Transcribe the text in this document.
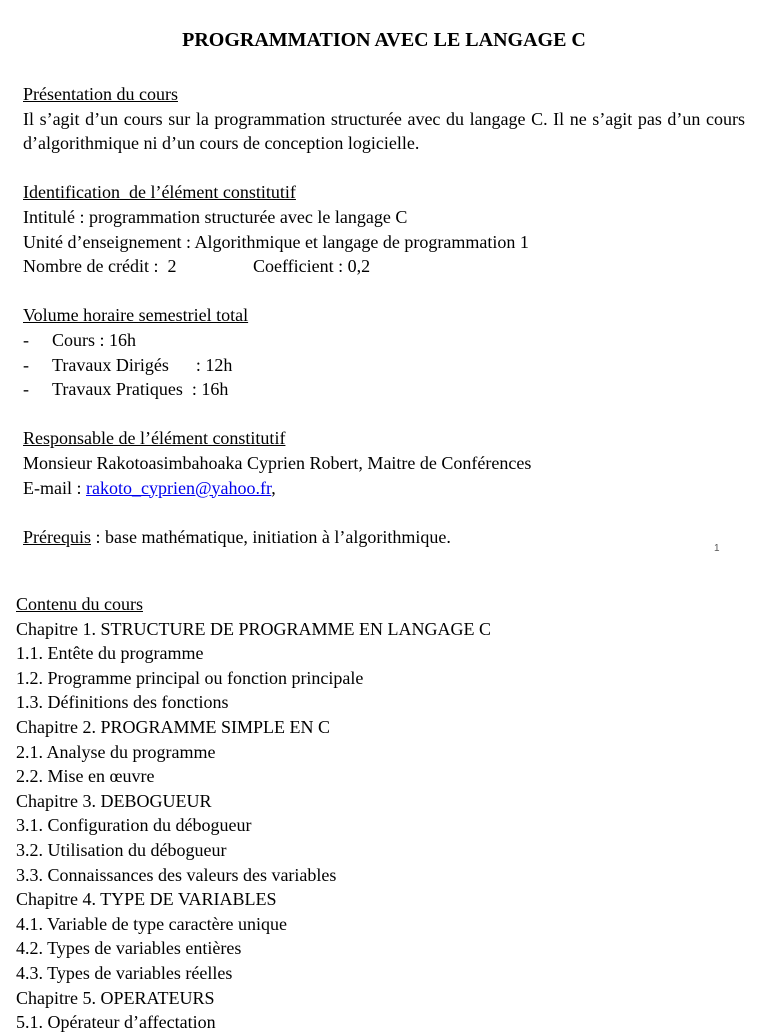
PROGRAMMATION AVEC LE LANGAGE C

Présentation du cours

Il s’agit d’un cours sur la programmation structurée avec du langage C. Il ne s’agit pas d’un cours d’algorithmique ni d’un cours de conception logicielle.

Identification  de l’élément constitutif

Intitulé : programmation structurée avec le langage C

Unité d’enseignement : Algorithmique et langage de programmation 1

Nombre de crédit :  2	Coefficient : 0,2

Volume horaire semestriel total

-	Cours : 16h
-	Travaux Dirigés      : 12h
-	Travaux Pratiques  : 16h

Responsable de l’élément constitutif

Monsieur Rakotoasimbahoaka Cyprien Robert, Maitre de Conférences

E-mail : rakoto_cyprien@yahoo.fr,

Prérequis : base mathématique, initiation à l’algorithmique.

1

Contenu du cours

Chapitre 1. STRUCTURE DE PROGRAMME EN LANGAGE C

1.1. Entête du programme

1.2. Programme principal ou fonction principale

1.3. Définitions des fonctions

Chapitre 2. PROGRAMME SIMPLE EN C

2.1. Analyse du programme

2.2. Mise en œuvre

Chapitre 3. DEBOGUEUR

3.1. Configuration du débogueur

3.2. Utilisation du débogueur

3.3. Connaissances des valeurs des variables

Chapitre 4. TYPE DE VARIABLES

4.1. Variable de type caractère unique

4.2. Types de variables entières

4.3. Types de variables réelles

Chapitre 5. OPERATEURS

5.1. Opérateur d’affectation
